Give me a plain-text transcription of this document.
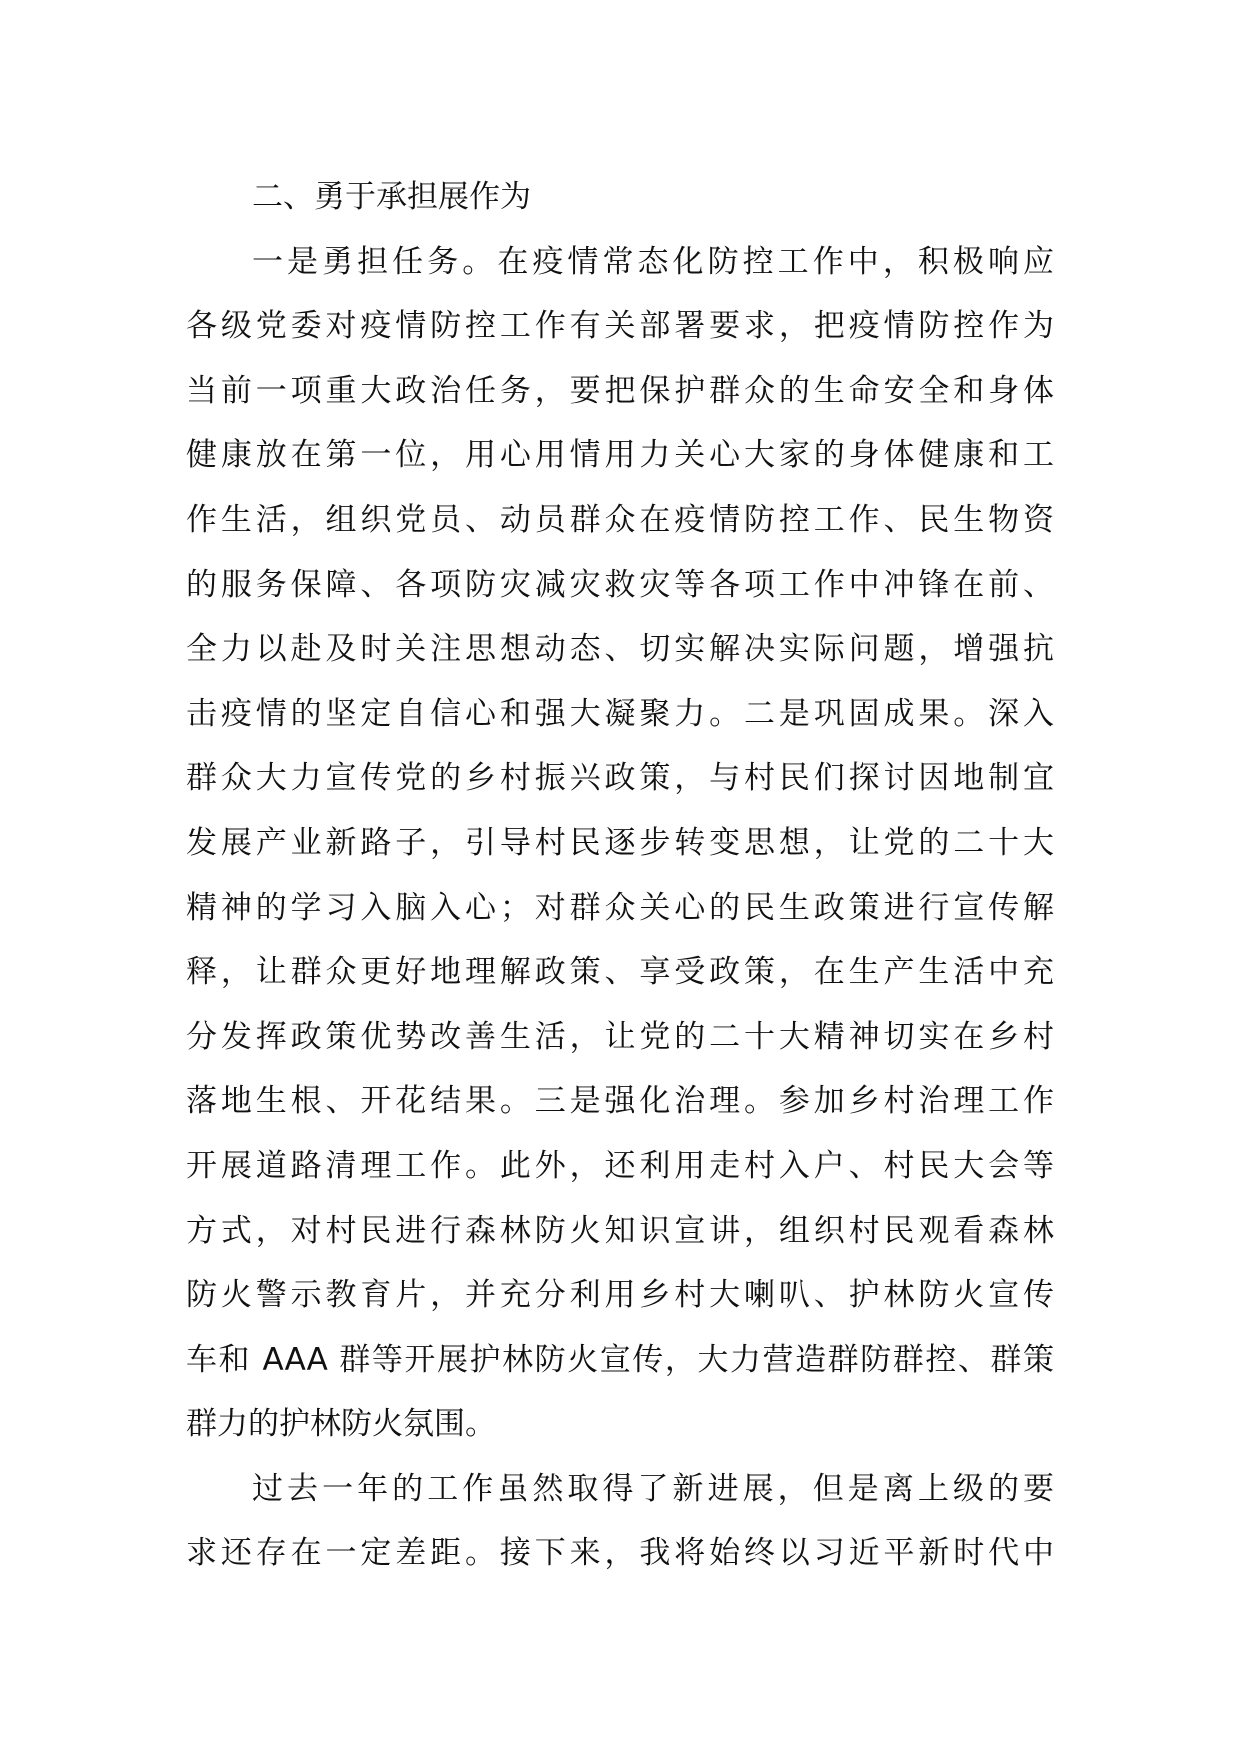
二、勇于承担展作为
一是勇担任务。在疫情常态化防控工作中，积极响应
各级党委对疫情防控工作有关部署要求，把疫情防控作为
当前一项重大政治任务，要把保护群众的生命安全和身体
健康放在第一位，用心用情用力关心大家的身体健康和工
作生活，组织党员、动员群众在疫情防控工作、民生物资
的服务保障、各项防灾减灾救灾等各项工作中冲锋在前、
全力以赴及时关注思想动态、切实解决实际问题，增强抗
击疫情的坚定自信心和强大凝聚力。二是巩固成果。深入
群众大力宣传党的乡村振兴政策，与村民们探讨因地制宜
发展产业新路子，引导村民逐步转变思想，让党的二十大
精神的学习入脑入心；对群众关心的民生政策进行宣传解
释，让群众更好地理解政策、享受政策，在生产生活中充
分发挥政策优势改善生活，让党的二十大精神切实在乡村
落地生根、开花结果。三是强化治理。参加乡村治理工作
开展道路清理工作。此外，还利用走村入户、村民大会等
方式，对村民进行森林防火知识宣讲，组织村民观看森林
防火警示教育片，并充分利用乡村大喇叭、护林防火宣传
车和 AAA 群等开展护林防火宣传，大力营造群防群控、群策
群力的护林防火氛围。
过去一年的工作虽然取得了新进展，但是离上级的要
求还存在一定差距。接下来，我将始终以习近平新时代中
